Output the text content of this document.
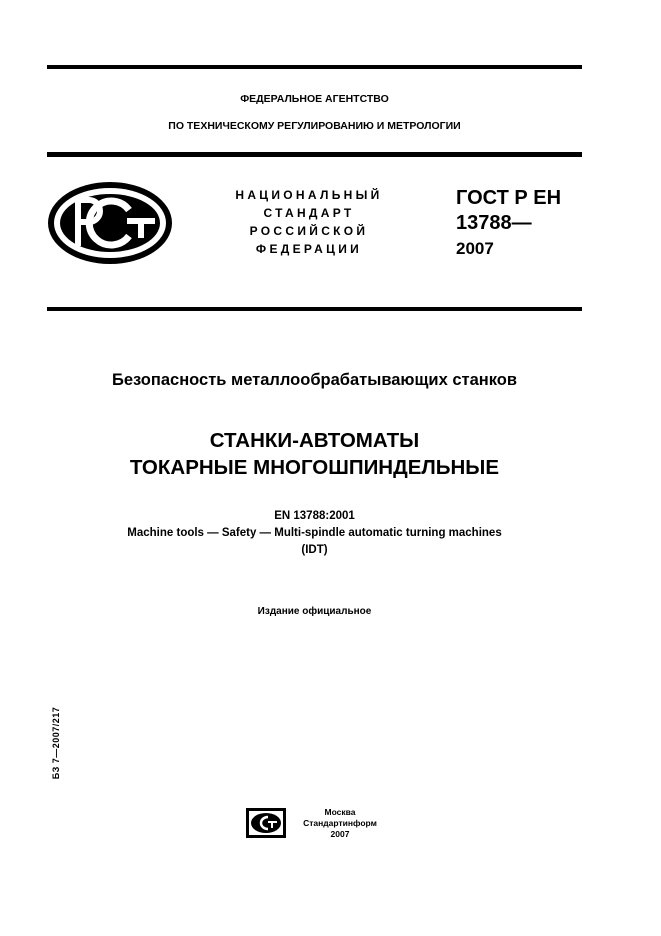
ФЕДЕРАЛЬНОЕ АГЕНТСТВО
ПО ТЕХНИЧЕСКОМУ РЕГУЛИРОВАНИЮ И МЕТРОЛОГИИ
НАЦИОНАЛЬНЫЙ
СТАНДАРТ
РОССИЙСКОЙ
ФЕДЕРАЦИИ
ГОСТ Р ЕН
13788—
2007
Безопасность металлообрабатывающих станков
СТАНКИ-АВТОМАТЫ
ТОКАРНЫЕ МНОГОШПИНДЕЛЬНЫЕ
EN 13788:2001
Machine tools — Safety — Multi-spindle automatic turning machines
(IDT)
Издание официальное
БЗ 7—2007/217
Москва
Стандартинформ
2007
